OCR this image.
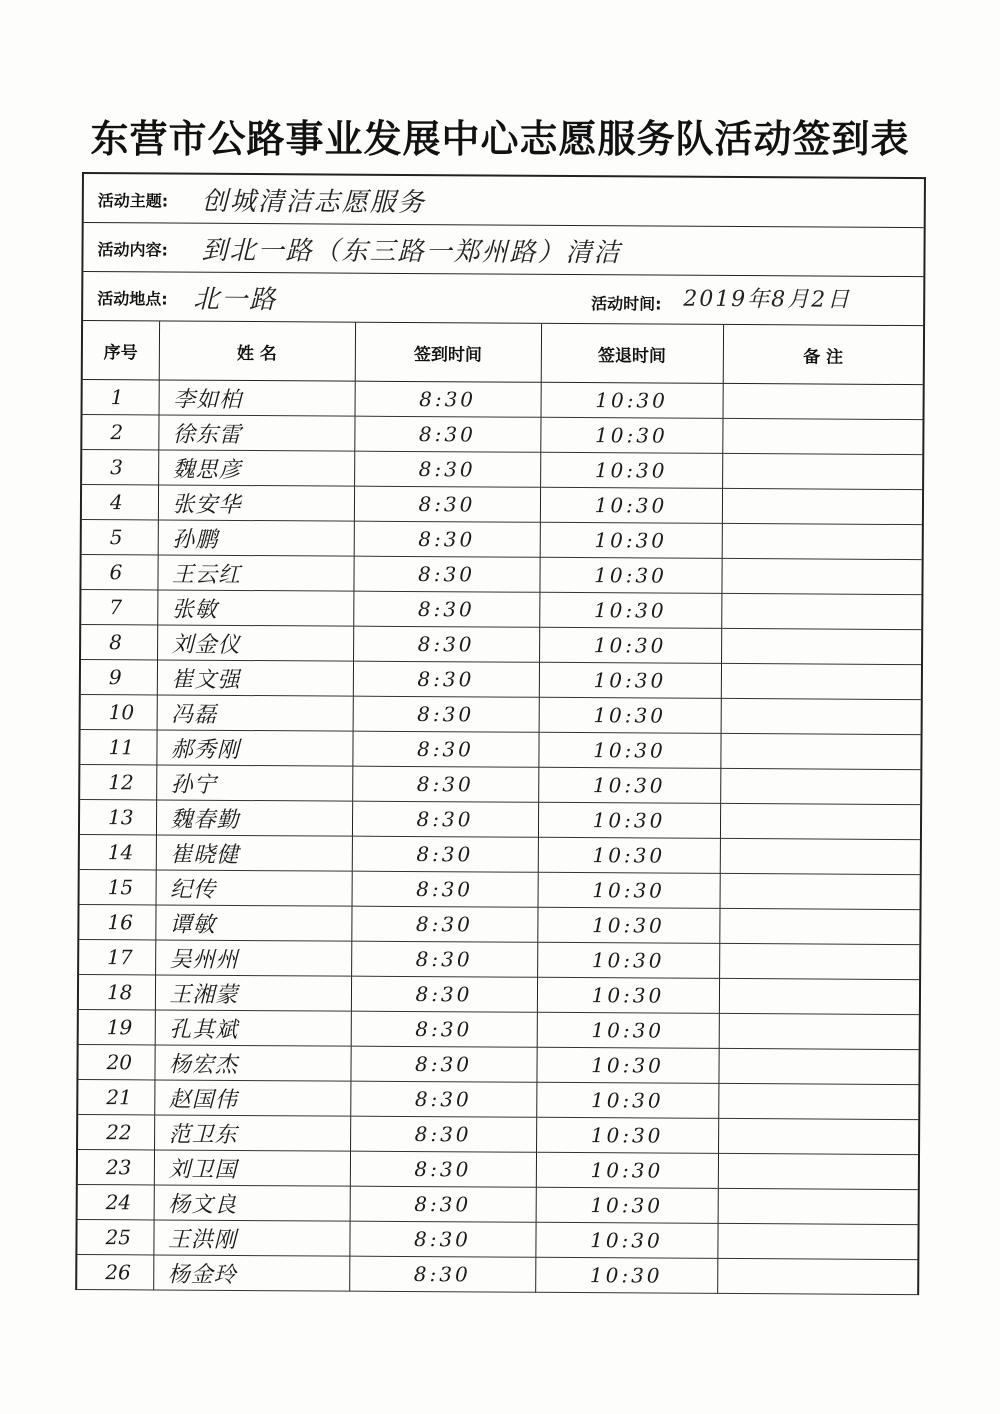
东营市公路事业发展中心志愿服务队活动签到表
活动主题: 创城清洁志愿服务
活动内容: 到北一路（东三路一郑州路）清洁
活动地点: 北一路	活动时间: 2019年8月2日
序号	姓 名	签到时间	签退时间	备 注
1	李如柏	8:30	10:30	
2	徐东雷	8:30	10:30	
3	魏思彦	8:30	10:30	
4	张安华	8:30	10:30	
5	孙鹏	8:30	10:30	
6	王云红	8:30	10:30	
7	张敏	8:30	10:30	
8	刘金仪	8:30	10:30	
9	崔文强	8:30	10:30	
10	冯磊	8:30	10:30	
11	郝秀刚	8:30	10:30	
12	孙宁	8:30	10:30	
13	魏春勤	8:30	10:30	
14	崔晓健	8:30	10:30	
15	纪传	8:30	10:30	
16	谭敏	8:30	10:30	
17	吴州州	8:30	10:30	
18	王湘蒙	8:30	10:30	
19	孔其斌	8:30	10:30	
20	杨宏杰	8:30	10:30	
21	赵国伟	8:30	10:30	
22	范卫东	8:30	10:30	
23	刘卫国	8:30	10:30	
24	杨文良	8:30	10:30	
25	王洪刚	8:30	10:30	
26	杨金玲	8:30	10:30	
